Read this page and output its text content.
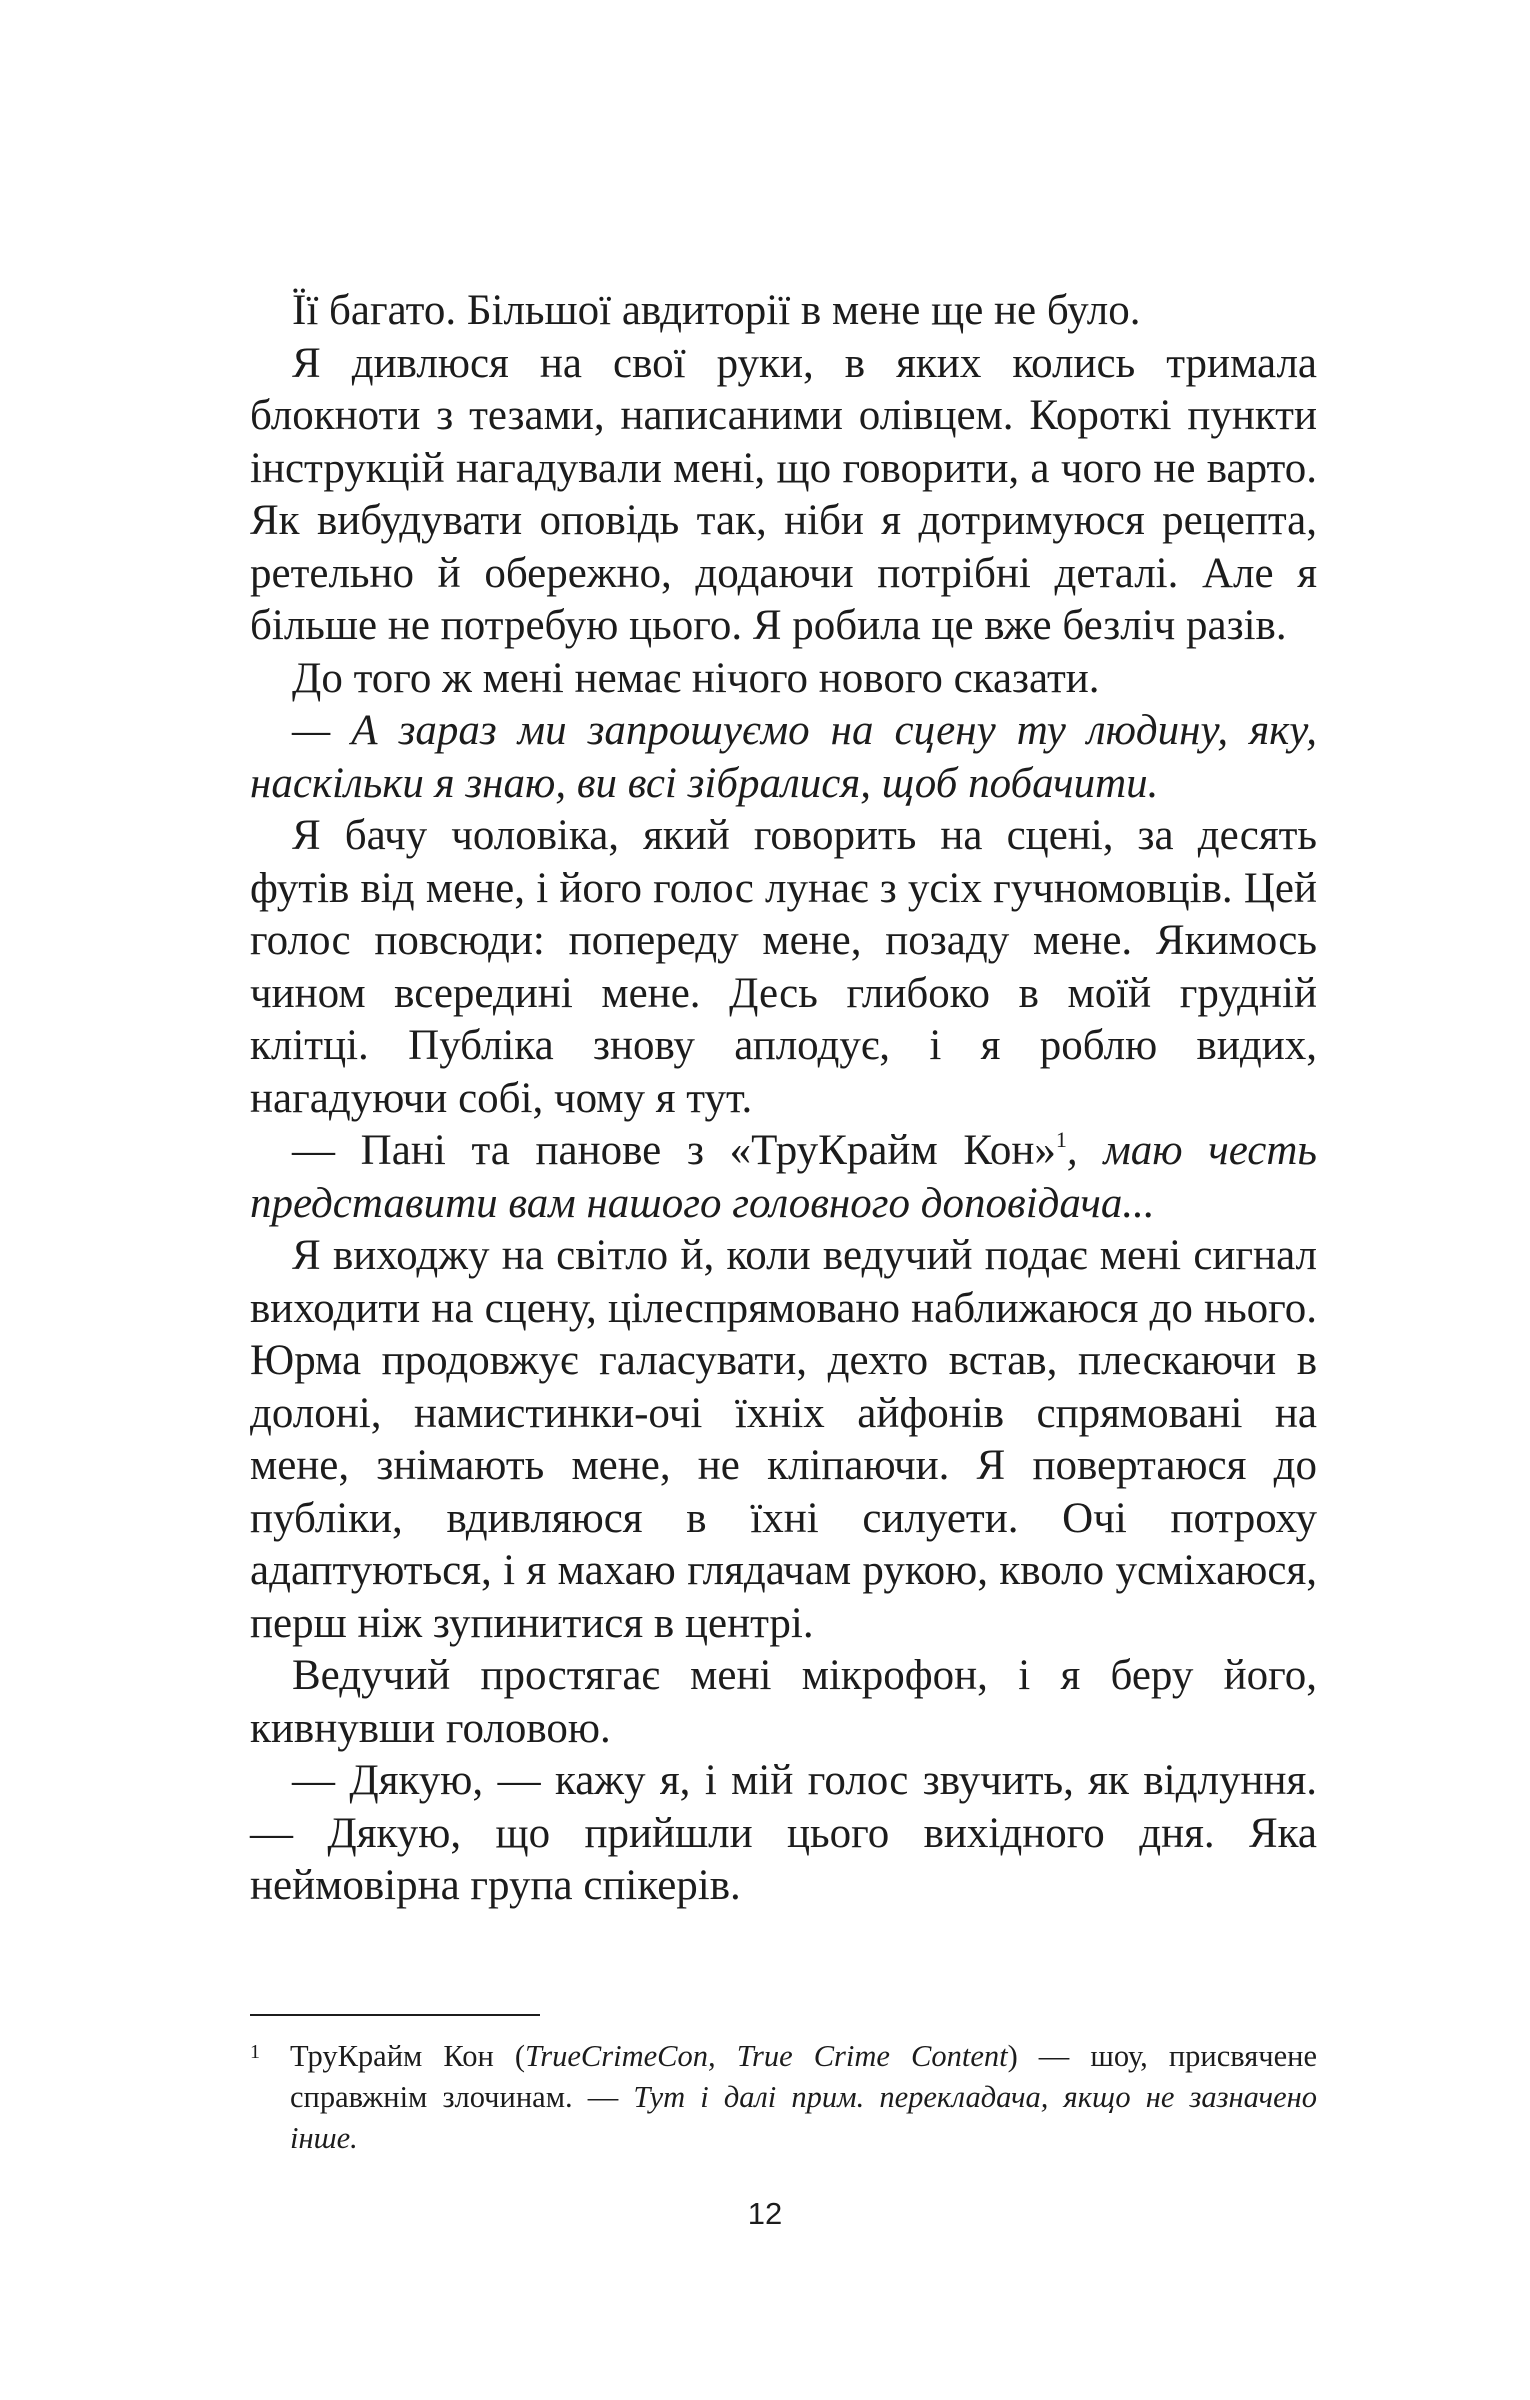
Її багато. Більшої авдиторії в мене ще не було.

Я дивлюся на свої руки, в яких колись тримала блокноти з тезами, написаними олівцем. Короткі пункти інструкцій нагадували мені, що говорити, а чого не варто. Як вибудувати оповідь так, ніби я дотримуюся рецепта, ретельно й обережно, додаючи потрібні деталі. Але я більше не потребую цього. Я робила це вже безліч разів.

До того ж мені немає нічого нового сказати.

— А зараз ми запрошуємо на сцену ту людину, яку, наскільки я знаю, ви всі зібралися, щоб побачити.

Я бачу чоловіка, який говорить на сцені, за десять футів від мене, і його голос лунає з усіх гучномовців. Цей голос повсюди: попереду мене, позаду мене. Якимось чином всередині мене. Десь глибоко в моїй грудній клітці. Публіка знову аплодує, і я роблю видих, нагадуючи собі, чому я тут.

— Пані та панове з «ТруКрайм Кон»$^1$, маю честь представити вам нашого головного доповідача...

Я виходжу на світло й, коли ведучий подає мені сигнал виходити на сцену, цілеспрямовано наближаюся до нього. Юрма продовжує галасувати, дехто встав, плескаючи в долоні, намистинки-очі їхніх айфонів спрямовані на мене, знімають мене, не кліпаючи. Я повертаюся до публіки, вдивляюся в їхні силуети. Очі потроху адаптуються, і я махаю глядачам рукою, кволо усміхаюся, перш ніж зупинитися в центрі.

Ведучий простягає мені мікрофон, і я беру його, кивнувши головою.

— Дякую, — кажу я, і мій голос звучить, як відлуння. — Дякую, що прийшли цього вихідного дня. Яка неймовірна група спікерів.

1 ТруКрайм Кон (TrueCrimeCon, True Crime Content) — шоу, присвячене справжнім злочинам. — Тут і далі прим. перекладача, якщо не зазначено інше.
12
